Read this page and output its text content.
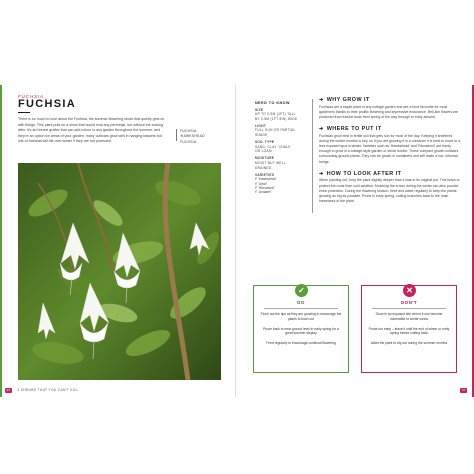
FUCHSIA
FUCHSIA

There is so much to love about the Fuchsia, the summer-flowering shrub that quietly gets on with things. This plant puts on a show that would rival any perennial, but without the looking after. It's an honest grafter that can add colour to any garden throughout the summer, and they're an option for areas of your garden; many cultivars grow well in hanging baskets but lots of fuchsias will die over winter if they are not protected.

FUCHSIA
'HAWKSHEAD'
FUCHSIA
46 3 SHRUBS THAT YOU CAN'T KILL
NEED TO KNOW
SIZE
UP TO 0.5M (1FT) TALL
BY 0.5M (1FT 8IN) WIDE
LIGHT
FULL SUN OR PARTIAL
SHADE
SOIL TYPE
SAND, CLAY, CHALK
OR LOAM
MOISTURE
MOIST BUT WELL
DRAINED
VARIETIES
F. 'Hawkshead'
F. 'Genii'
F. 'Riccartonii'
F. 'Annabel'
➜ WHY GROW IT

Fuchsias are a staple plant of any cottage garden and are a fond favourite for most gardeners thanks to their prolific flowering and impressive endurance. Bell-like flowers are produced from tubular buds from spring of the way through to early autumn.

➜ WHERE TO PUT IT

Fuchsias grow best in fertile soil that gets sun for most of the day. Keeping it sheltered during the colder months is key, so if you are growing it in a container it is best to move to a less exposed spot in winter. Varieties such as 'Hawkshead' and 'Riccartonii' are hardy enough to grow in a cottage-style garden or shrub border. These compact growth cultivars surrounding ground plants. They can be grown in containers and will make a low, informal hedge.

➜ HOW TO LOOK AFTER IT

When planting out, bury the plant slightly deeper than it was in its original pot. This helps to protect the roots from cold weather. Mulching the crown during the winter can also provide extra protection. During the flowering season, feed and water regularly to keep the plants growing as big as possible. Prune in early spring, cutting branches back to the main framework of the plant.

✓
DO
Pinch out the tips as they are growing to encourage the plants to bush out
Prune back to near ground level in early spring for a great summer display
Feed regularly to encourage continual flowering
✕
DON'T
Grow in an exposed site where it can become vulnerable to winter winds
Prune too early – leave it until the end of winter or early spring before cutting back
Allow the plant to dry out during the summer months
47
